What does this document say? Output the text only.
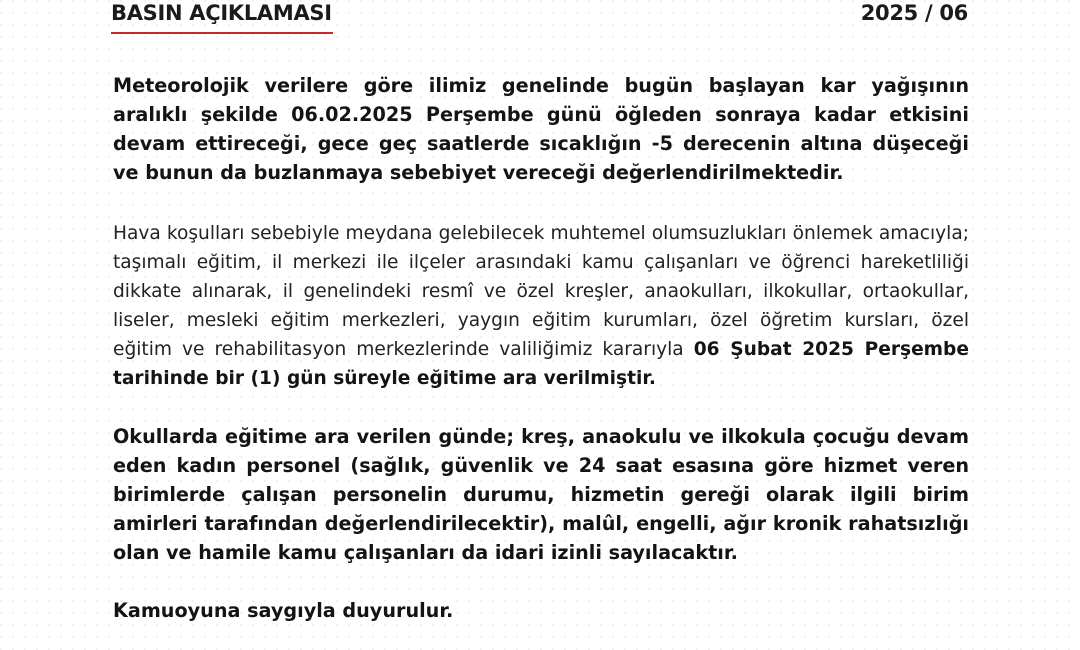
BASIN AÇIKLAMASI	2025 / 06

Meteorolojik verilere göre ilimiz genelinde bugün başlayan kar yağışının aralıklı şekilde 06.02.2025 Perşembe günü öğleden sonraya kadar etkisini devam ettireceği, gece geç saatlerde sıcaklığın -5 derecenin altına düşeceği ve bunun da buzlanmaya sebebiyet vereceği değerlendirilmektedir.

Hava koşulları sebebiyle meydana gelebilecek muhtemel olumsuzlukları önlemek amacıyla; taşımalı eğitim, il merkezi ile ilçeler arasındaki kamu çalışanları ve öğrenci hareketliliği dikkate alınarak, il genelindeki resmî ve özel kreşler, anaokulları, ilkokullar, ortaokullar, liseler, mesleki eğitim merkezleri, yaygın eğitim kurumları, özel öğretim kursları, özel eğitim ve rehabilitasyon merkezlerinde valiliğimiz kararıyla 06 Şubat 2025 Perşembe tarihinde bir (1) gün süreyle eğitime ara verilmiştir.

Okullarda eğitime ara verilen günde; kreş, anaokulu ve ilkokula çocuğu devam eden kadın personel (sağlık, güvenlik ve 24 saat esasına göre hizmet veren birimlerde çalışan personelin durumu, hizmetin gereği olarak ilgili birim amirleri tarafından değerlendirilecektir), malûl, engelli, ağır kronik rahatsızlığı olan ve hamile kamu çalışanları da idari izinli sayılacaktır.

Kamuoyuna saygıyla duyurulur.
